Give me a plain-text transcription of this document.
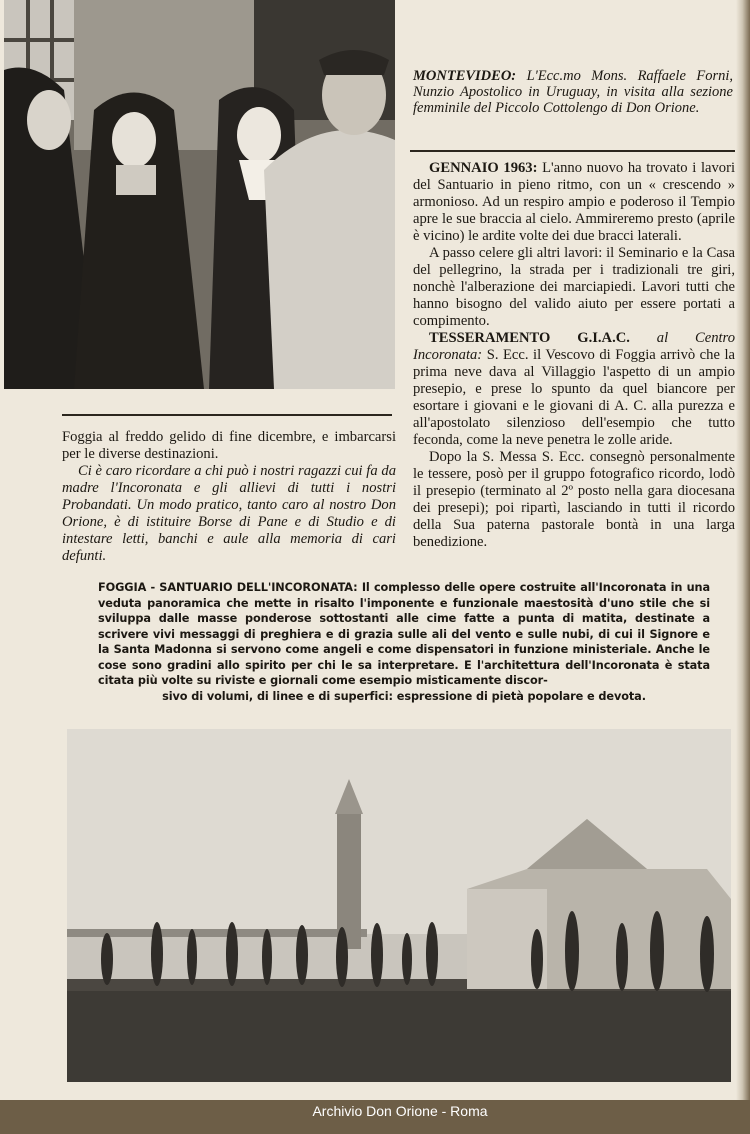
MONTEVIDEO: L'Ecc.mo Mons. Raffaele Forni, Nunzio Apostolico in Uruguay, in visita alla sezione femminile del Piccolo Cottolengo di Don Orione.

GENNAIO 1963: L'anno nuovo ha trovato i lavori del Santuario in pieno ritmo, con un « crescendo » armonioso. Ad un respiro ampio e poderoso il Tempio apre le sue braccia al cielo. Ammireremo presto (aprile è vicino) le ardite volte dei due bracci laterali.

A passo celere gli altri lavori: il Seminario e la Casa del pellegrino, la strada per i tradizionali tre giri, nonchè l'alberazione dei marciapiedi. Lavori tutti che hanno bisogno del valido aiuto per essere portati a compimento.

TESSERAMENTO G.I.A.C. al Centro Incoronata: S. Ecc. il Vescovo di Foggia arrivò che la prima neve dava al Villaggio l'aspetto di un ampio presepio, e prese lo spunto da quel biancore per esortare i giovani e le giovani di A. C. alla purezza e all'apostolato silenzioso dell'esempio che tutto feconda, come la neve penetra le zolle aride.

Dopo la S. Messa S. Ecc. consegnò personalmente le tessere, posò per il gruppo fotografico ricordo, lodò il presepio (terminato al 2º posto nella gara diocesana dei presepi); poi ripartì, lasciando in tutti il ricordo della Sua paterna pastorale bontà in una larga benedizione.

Foggia al freddo gelido di fine dicembre, e imbarcarsi per le diverse destinazioni.

Ci è caro ricordare a chi può i nostri ragazzi cui fa da madre l'Incoronata e gli allievi di tutti i nostri Probandati. Un modo pratico, tanto caro al nostro Don Orione, è di istituire Borse di Pane e di Studio e di intestare letti, banchi e aule alla memoria di cari defunti.

FOGGIA - SANTUARIO DELL'INCORONATA: Il complesso delle opere costruite all'Incoronata in una veduta panoramica che mette in risalto l'imponente e funzionale maestosità d'uno stile che si sviluppa dalle masse ponderose sottostanti alle cime fatte a punta di matita, destinate a scrivere vivi messaggi di preghiera e di grazia sulle ali del vento e sulle nubi, di cui il Signore e la Santa Madonna si servono come angeli e come dispensatori in funzione ministeriale. Anche le cose sono gradini allo spirito per chi le sa interpretare. E l'architettura dell'Incoronata è stata citata più volte su riviste e giornali come esempio misticamente discor-
sivo di volumi, di linee e di superfici: espressione di pietà popolare e devota.
Archivio Don Orione - Roma
